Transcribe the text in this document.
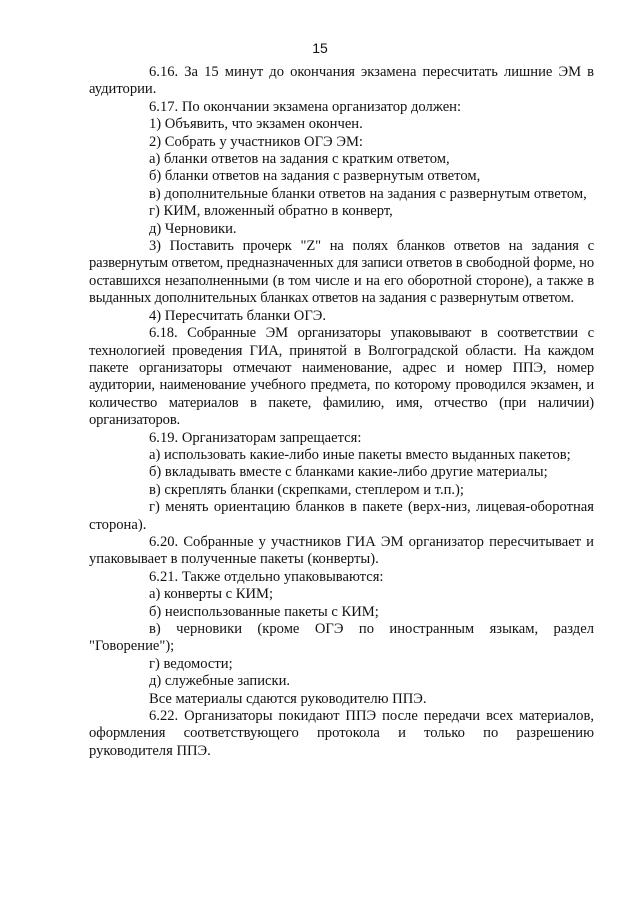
15

6.16. За 15 минут до окончания экзамена пересчитать лишние ЭМ в аудитории.

6.17. По окончании экзамена организатор должен:

1) Объявить, что экзамен окончен.

2) Собрать у участников ОГЭ ЭМ:

а) бланки ответов на задания с кратким ответом,

б) бланки ответов на задания с развернутым ответом,

в) дополнительные бланки ответов на задания с развернутым ответом,

г) КИМ, вложенный обратно в конверт,

д) Черновики.

3) Поставить прочерк "Z" на полях бланков ответов на задания с развернутым ответом, предназначенных для записи ответов в свободной форме, но оставшихся незаполненными (в том числе и на его оборотной стороне), а также в выданных дополнительных бланках ответов на задания с развернутым ответом.

4) Пересчитать бланки ОГЭ.

6.18. Собранные ЭМ организаторы упаковывают в соответствии с технологией проведения ГИА, принятой в Волгоградской области. На каждом пакете организаторы отмечают наименование, адрес и номер ППЭ, номер аудитории, наименование учебного предмета, по которому проводился экзамен, и количество материалов в пакете, фамилию, имя, отчество (при наличии) организаторов.

6.19. Организаторам запрещается:

а) использовать какие-либо иные пакеты вместо выданных пакетов;

б) вкладывать вместе с бланками какие-либо другие материалы;

в) скреплять бланки (скрепками, степлером и т.п.);

г) менять ориентацию бланков в пакете (верх-низ, лицевая-оборотная сторона).

6.20. Собранные у участников ГИА ЭМ организатор пересчитывает и упаковывает в полученные пакеты (конверты).

6.21. Также отдельно упаковываются:

а) конверты с КИМ;

б) неиспользованные пакеты с КИМ;

в) черновики (кроме ОГЭ по иностранным языкам, раздел "Говорение");

г) ведомости;

д) служебные записки.

Все материалы сдаются руководителю ППЭ.

6.22. Организаторы покидают ППЭ после передачи всех материалов, оформления соответствующего протокола и только по разрешению руководителя ППЭ.
